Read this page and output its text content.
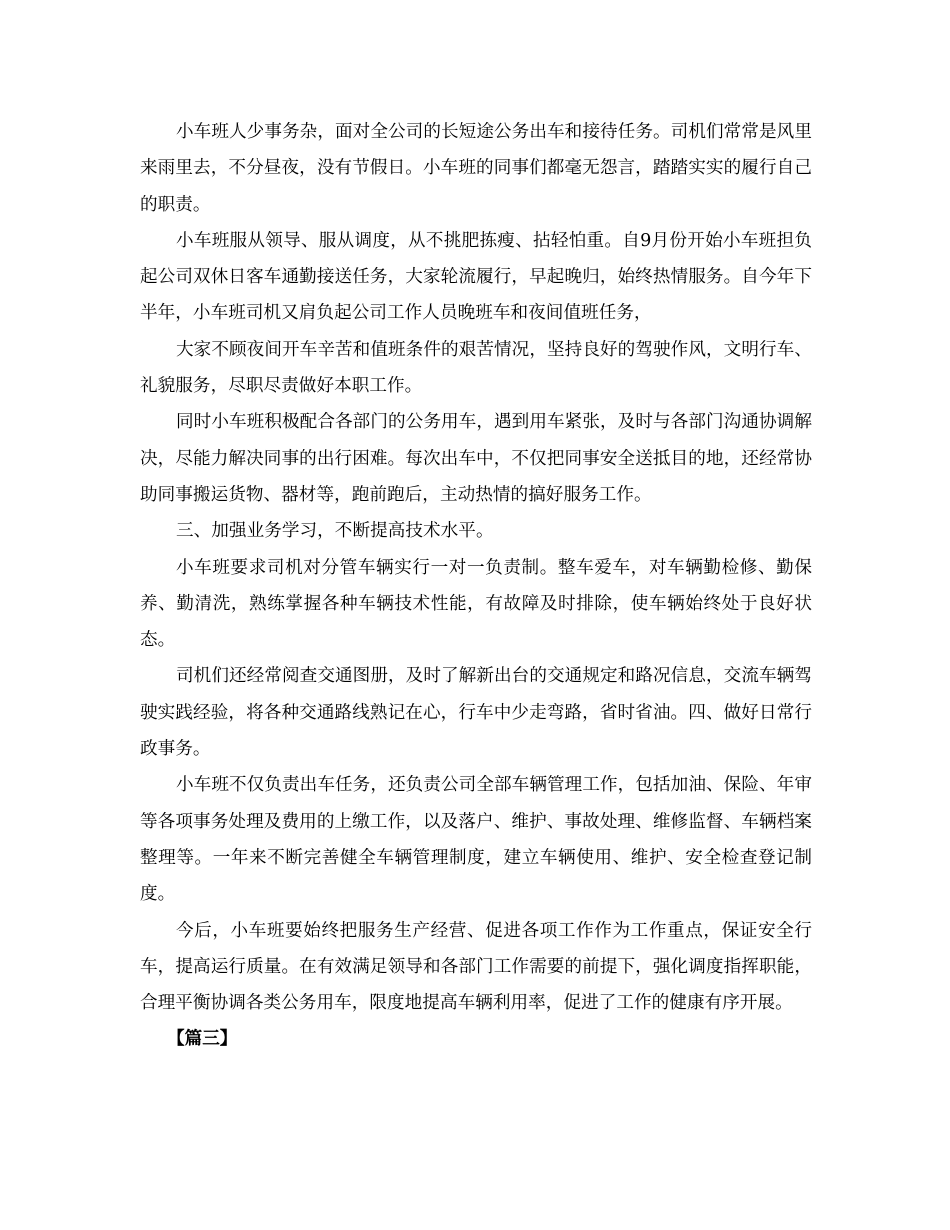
小车班人少事务杂，面对全公司的长短途公务出车和接待任务。司机们常常是风里来雨里去，不分昼夜，没有节假日。小车班的同事们都毫无怨言，踏踏实实的履行自己的职责。

小车班服从领导、服从调度，从不挑肥拣瘦、拈轻怕重。自9月份开始小车班担负起公司双休日客车通勤接送任务，大家轮流履行，早起晚归，始终热情服务。自今年下半年，小车班司机又肩负起公司工作人员晚班车和夜间值班任务，

大家不顾夜间开车辛苦和值班条件的艰苦情况，坚持良好的驾驶作风，文明行车、礼貌服务，尽职尽责做好本职工作。

同时小车班积极配合各部门的公务用车，遇到用车紧张，及时与各部门沟通协调解决，尽能力解决同事的出行困难。每次出车中，不仅把同事安全送抵目的地，还经常协助同事搬运货物、器材等，跑前跑后，主动热情的搞好服务工作。

三、加强业务学习，不断提高技术水平。

小车班要求司机对分管车辆实行一对一负责制。整车爱车，对车辆勤检修、勤保养、勤清洗，熟练掌握各种车辆技术性能，有故障及时排除，使车辆始终处于良好状态。

司机们还经常阅查交通图册，及时了解新出台的交通规定和路况信息，交流车辆驾驶实践经验，将各种交通路线熟记在心，行车中少走弯路，省时省油。四、做好日常行政事务。

小车班不仅负责出车任务，还负责公司全部车辆管理工作，包括加油、保险、年审等各项事务处理及费用的上缴工作，以及落户、维护、事故处理、维修监督、车辆档案整理等。一年来不断完善健全车辆管理制度，建立车辆使用、维护、安全检查登记制度。

今后，小车班要始终把服务生产经营、促进各项工作作为工作重点，保证安全行车，提高运行质量。在有效满足领导和各部门工作需要的前提下，强化调度指挥职能，合理平衡协调各类公务用车，限度地提高车辆利用率，促进了工作的健康有序开展。

【篇三】
